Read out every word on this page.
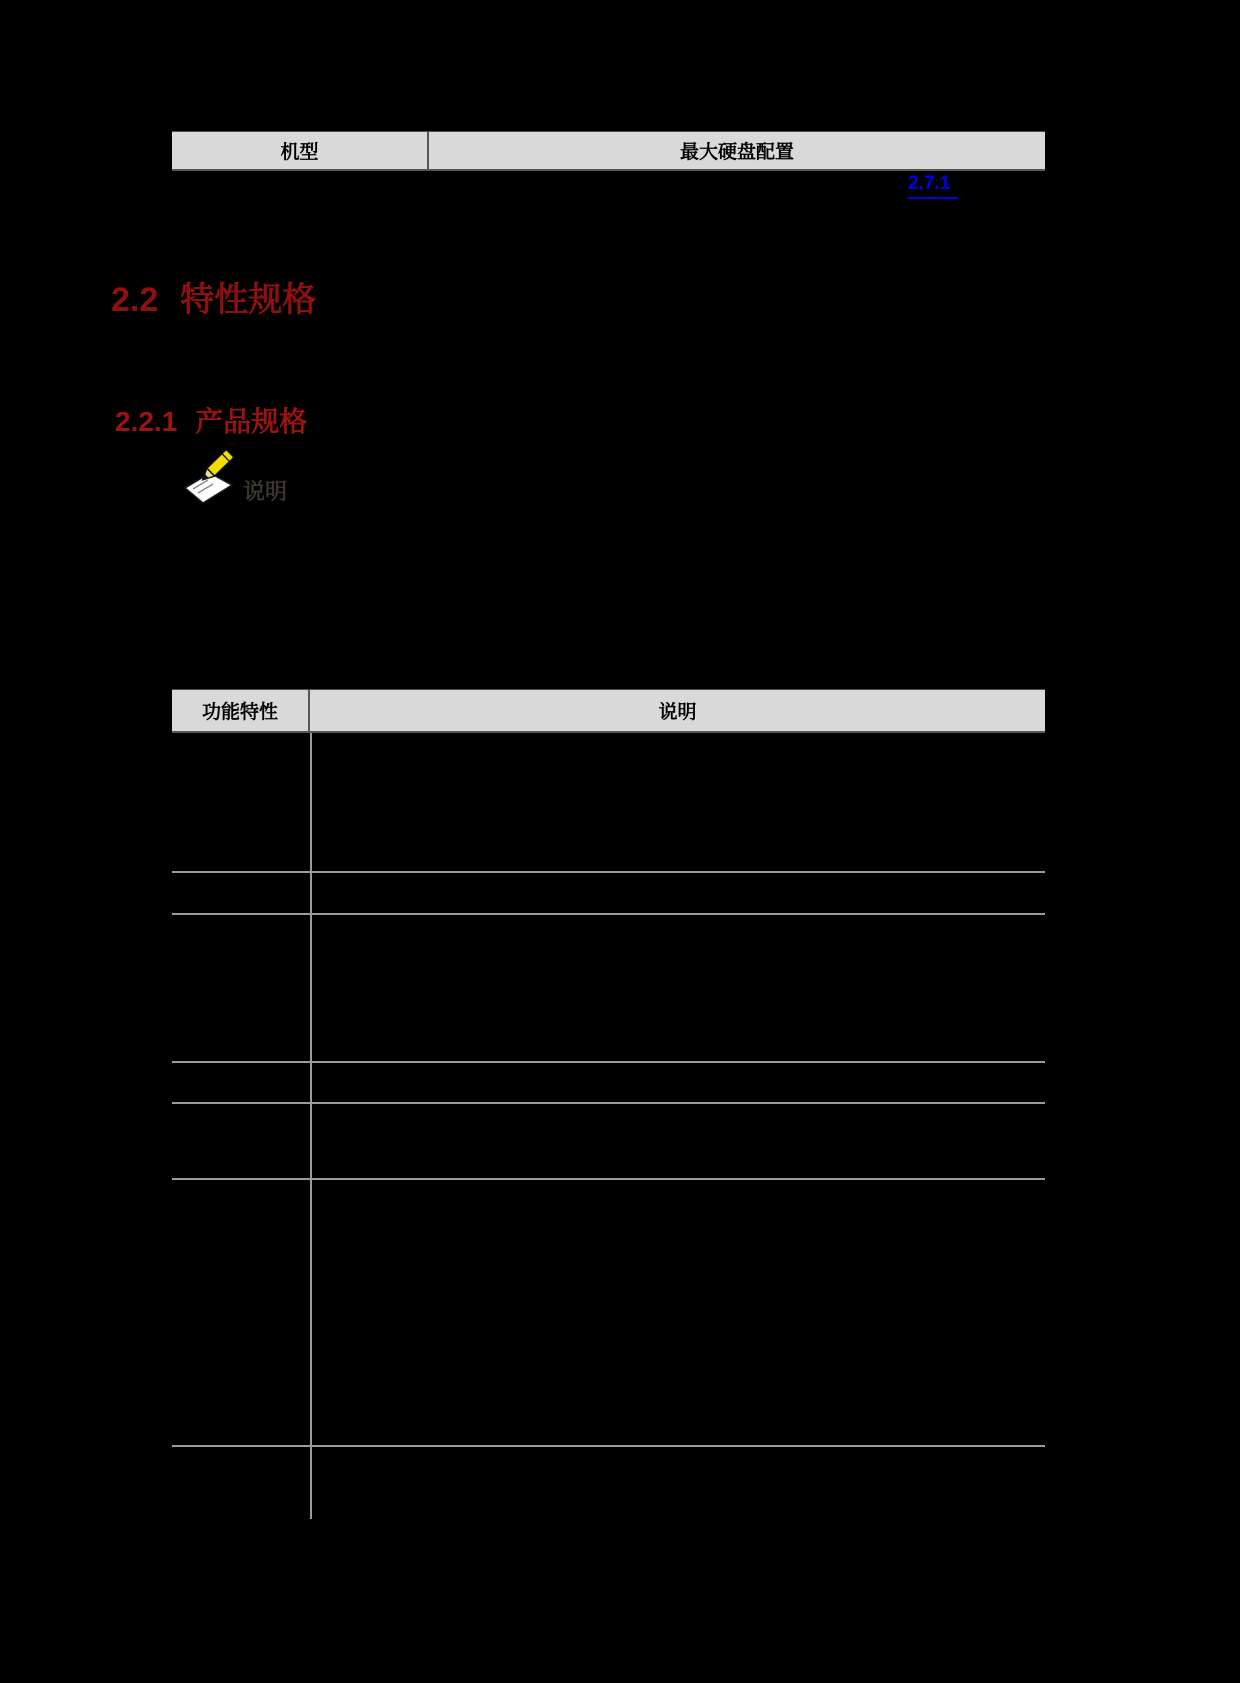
机型	最大硬盘配置
2.7.1
2.2 特性规格
2.2.1 产品规格
说明
功能特性	说明
